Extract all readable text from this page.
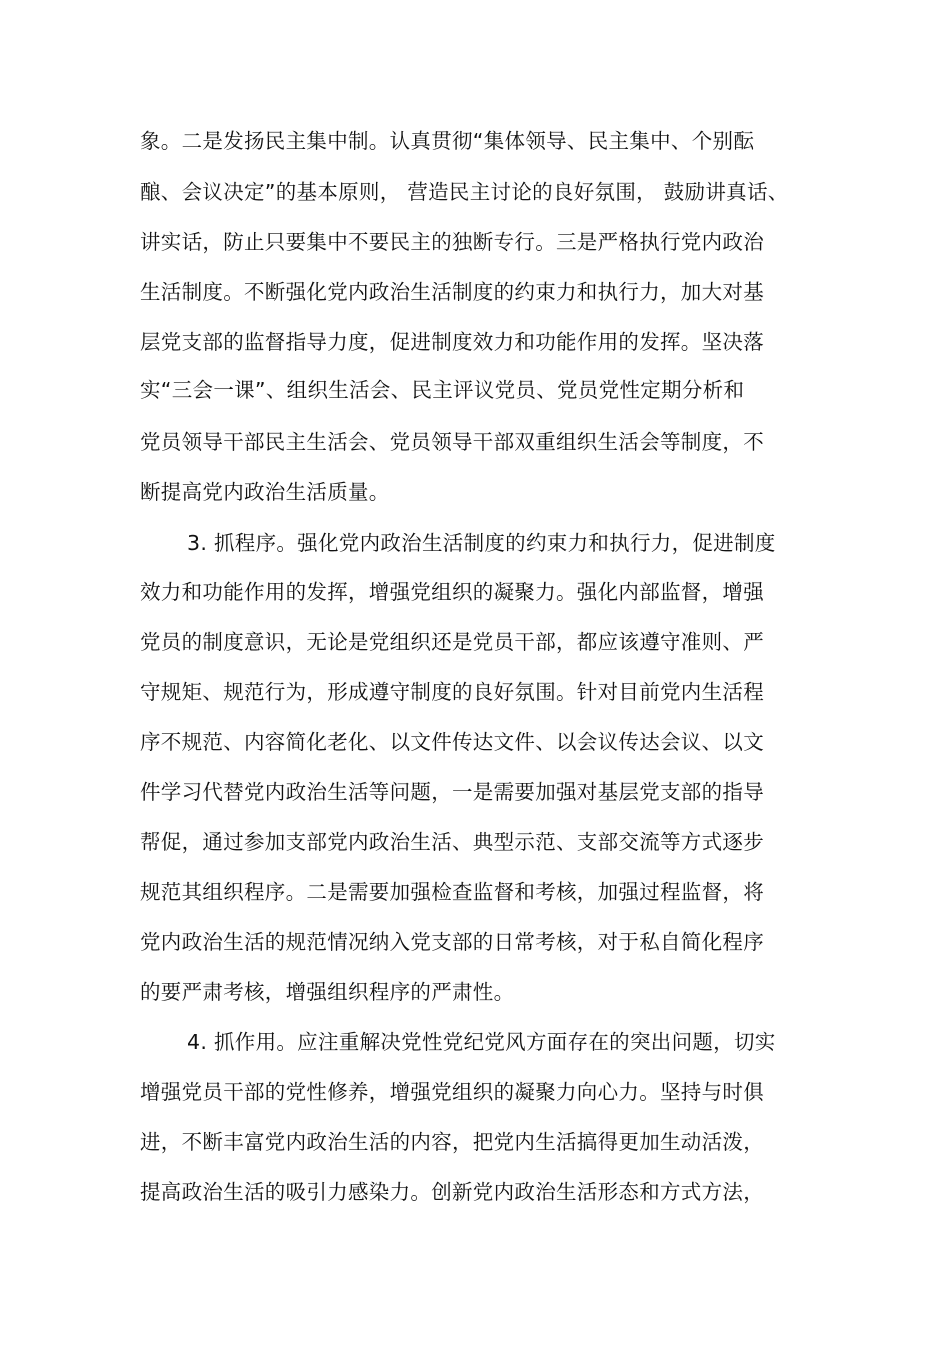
象。二是发扬民主集中制。认真贯彻“集体领导、民主集中、个别酝
酿、会议决定”的基本原则， 营造民主讨论的良好氛围， 鼓励讲真话、
讲实话，防止只要集中不要民主的独断专行。三是严格执行党内政治
生活制度。不断强化党内政治生活制度的约束力和执行力，加大对基
层党支部的监督指导力度，促进制度效力和功能作用的发挥。坚决落
实“三会一课”、组织生活会、民主评议党员、党员党性定期分析和
党员领导干部民主生活会、党员领导干部双重组织生活会等制度，不
断提高党内政治生活质量。
3. 抓程序。强化党内政治生活制度的约束力和执行力，促进制度
效力和功能作用的发挥，增强党组织的凝聚力。强化内部监督，增强
党员的制度意识，无论是党组织还是党员干部，都应该遵守准则、严
守规矩、规范行为，形成遵守制度的良好氛围。针对目前党内生活程
序不规范、内容简化老化、以文件传达文件、以会议传达会议、以文
件学习代替党内政治生活等问题，一是需要加强对基层党支部的指导
帮促，通过参加支部党内政治生活、典型示范、支部交流等方式逐步
规范其组织程序。二是需要加强检查监督和考核，加强过程监督，将
党内政治生活的规范情况纳入党支部的日常考核，对于私自简化程序
的要严肃考核，增强组织程序的严肃性。
4. 抓作用。应注重解决党性党纪党风方面存在的突出问题，切实
增强党员干部的党性修养，增强党组织的凝聚力向心力。坚持与时俱
进，不断丰富党内政治生活的内容，把党内生活搞得更加生动活泼，
提高政治生活的吸引力感染力。创新党内政治生活形态和方式方法，
